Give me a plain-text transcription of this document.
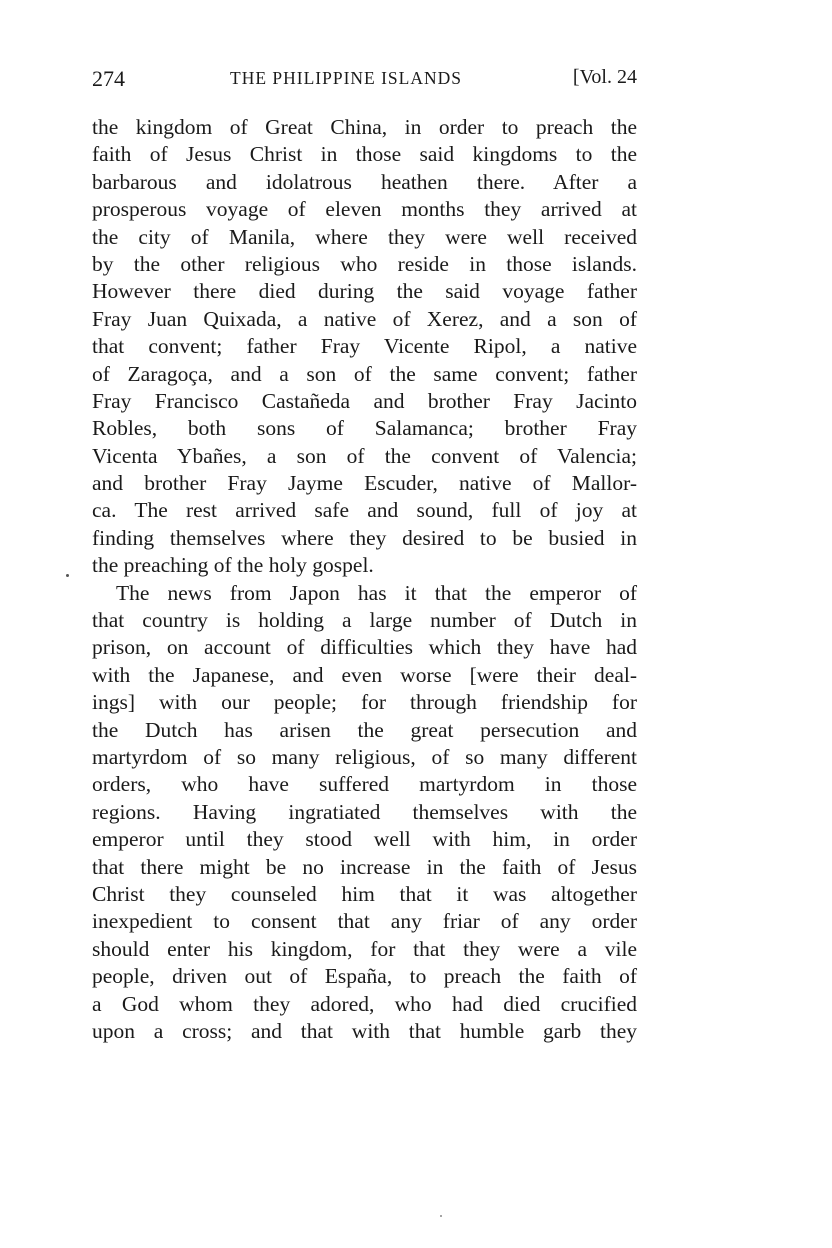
274	THE PHILIPPINE ISLANDS	[Vol. 24
the kingdom of Great China, in order to preach the
faith of Jesus Christ in those said kingdoms to the
barbarous and idolatrous heathen there. After a
prosperous voyage of eleven months they arrived at
the city of Manila, where they were well received
by the other religious who reside in those islands.
However there died during the said voyage father
Fray Juan Quixada, a native of Xerez, and a son of
that convent; father Fray Vicente Ripol, a native
of Zaragoça, and a son of the same convent; father
Fray Francisco Castañeda and brother Fray Jacinto
Robles, both sons of Salamanca; brother Fray
Vicenta Ybañes, a son of the convent of Valencia;
and brother Fray Jayme Escuder, native of Mallor-
ca. The rest arrived safe and sound, full of joy at
finding themselves where they desired to be busied in
the preaching of the holy gospel.
The news from Japon has it that the emperor of
that country is holding a large number of Dutch in
prison, on account of difficulties which they have had
with the Japanese, and even worse [were their deal-
ings] with our people; for through friendship for
the Dutch has arisen the great persecution and
martyrdom of so many religious, of so many different
orders, who have suffered martyrdom in those
regions. Having ingratiated themselves with the
emperor until they stood well with him, in order
that there might be no increase in the faith of Jesus
Christ they counseled him that it was altogether
inexpedient to consent that any friar of any order
should enter his kingdom, for that they were a vile
people, driven out of España, to preach the faith of
a God whom they adored, who had died crucified
upon a cross; and that with that humble garb they
